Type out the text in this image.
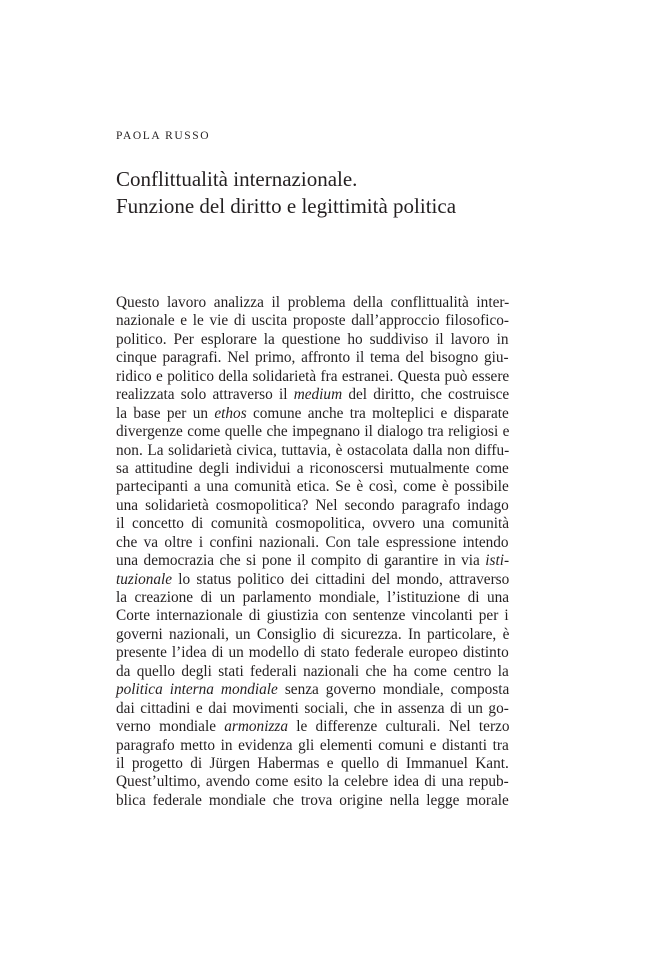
PAOLA RUSSO
Conflittualità internazionale.
Funzione del diritto e legittimità politica
Questo lavoro analizza il problema della conflittualità inter-
nazionale e le vie di uscita proposte dall’approccio filosofico-
politico. Per esplorare la questione ho suddiviso il lavoro in
cinque paragrafi. Nel primo, affronto il tema del bisogno giu-
ridico e politico della solidarietà fra estranei. Questa può essere
realizzata solo attraverso il medium del diritto, che costruisce
la base per un ethos comune anche tra molteplici e disparate
divergenze come quelle che impegnano il dialogo tra religiosi e
non. La solidarietà civica, tuttavia, è ostacolata dalla non diffu-
sa attitudine degli individui a riconoscersi mutualmente come
partecipanti a una comunità etica. Se è così, come è possibile
una solidarietà cosmopolitica? Nel secondo paragrafo indago
il concetto di comunità cosmopolitica, ovvero una comunità
che va oltre i confini nazionali. Con tale espressione intendo
una democrazia che si pone il compito di garantire in via isti-
tuzionale lo status politico dei cittadini del mondo, attraverso
la creazione di un parlamento mondiale, l’istituzione di una
Corte internazionale di giustizia con sentenze vincolanti per i
governi nazionali, un Consiglio di sicurezza. In particolare, è
presente l’idea di un modello di stato federale europeo distinto
da quello degli stati federali nazionali che ha come centro la
politica interna mondiale senza governo mondiale, composta
dai cittadini e dai movimenti sociali, che in assenza di un go-
verno mondiale armonizza le differenze culturali. Nel terzo
paragrafo metto in evidenza gli elementi comuni e distanti tra
il progetto di Jürgen Habermas e quello di Immanuel Kant.
Quest’ultimo, avendo come esito la celebre idea di una repub-
blica federale mondiale che trova origine nella legge morale
